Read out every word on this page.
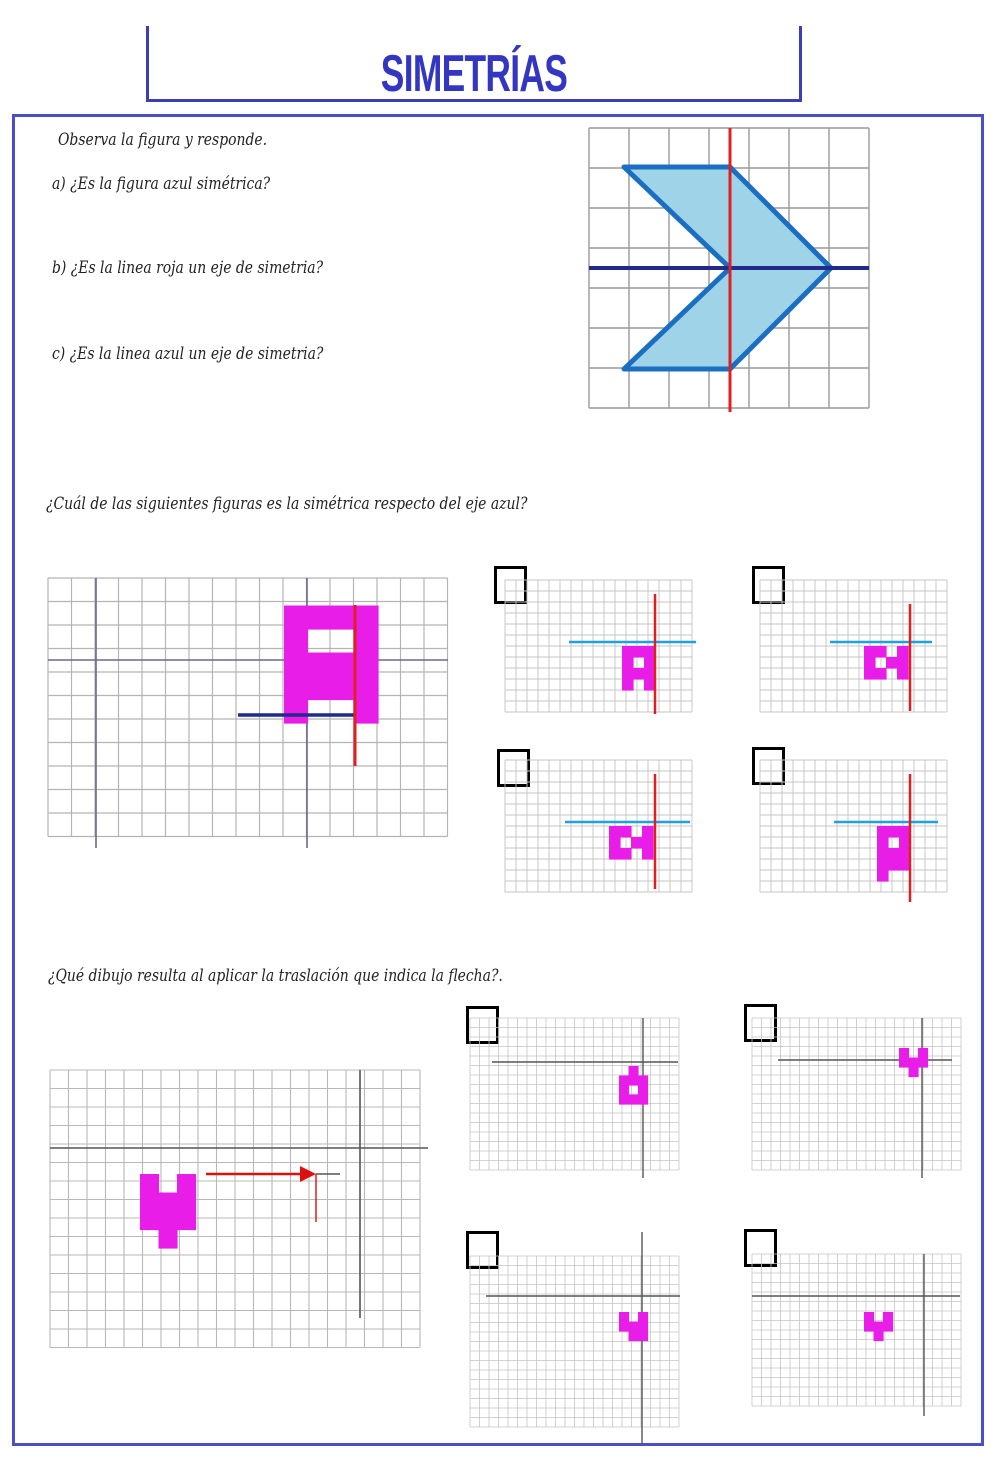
SIMETRÍAS
Observa la figura y responde.
a) ¿Es la figura azul simétrica?
b) ¿Es la linea roja un eje de simetria?
c) ¿Es la linea azul un eje de simetria?
¿Cuál de las siguientes figuras es la simétrica respecto del eje azul?
¿Qué dibujo resulta al aplicar la traslación que indica la flecha?.
